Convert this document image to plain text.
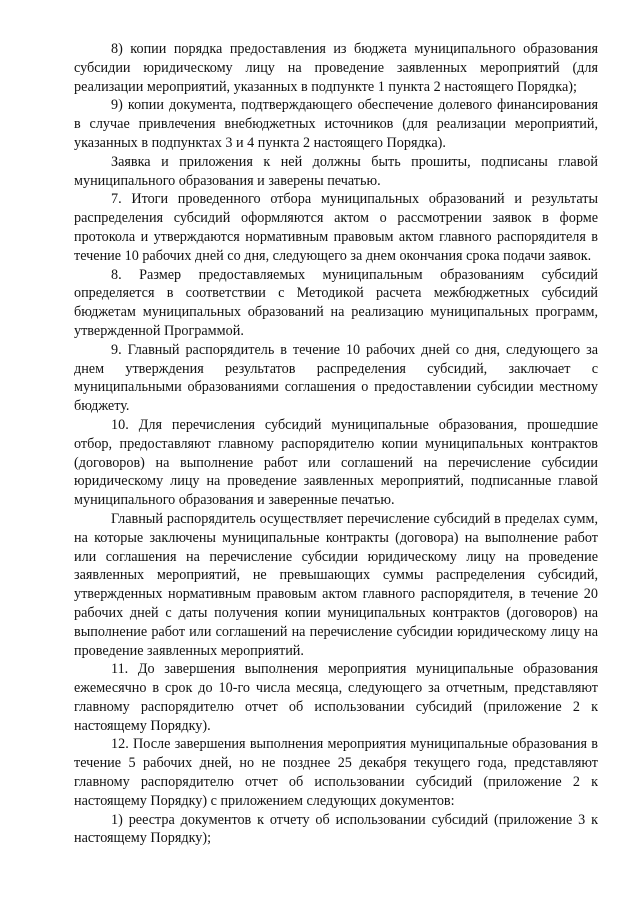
8) копии порядка предоставления из бюджета муниципального образования субсидии юридическому лицу на проведение заявленных мероприятий (для реализации мероприятий, указанных в подпункте 1 пункта 2 настоящего Порядка);

9) копии документа, подтверждающего обеспечение долевого финансирования в случае привлечения внебюджетных источников (для реализации мероприятий, указанных в подпунктах 3 и 4 пункта 2 настоящего Порядка).

Заявка и приложения к ней должны быть прошиты, подписаны главой муниципального образования и заверены печатью.

7. Итоги проведенного отбора муниципальных образований и результаты распределения субсидий оформляются актом о рассмотрении заявок в форме протокола и утверждаются нормативным правовым актом главного распорядителя в течение 10 рабочих дней со дня, следующего за днем окончания срока подачи заявок.

8. Размер предоставляемых муниципальным образованиям субсидий определяется в соответствии с Методикой расчета межбюджетных субсидий бюджетам муниципальных образований на реализацию муниципальных программ, утвержденной Программой.

9. Главный распорядитель в течение 10 рабочих дней со дня, следующего за днем утверждения результатов распределения субсидий, заключает с муниципальными образованиями соглашения о предоставлении субсидии местному бюджету.

10. Для перечисления субсидий муниципальные образования, прошедшие отбор, предоставляют главному распорядителю копии муниципальных контрактов (договоров) на выполнение работ или соглашений на перечисление субсидии юридическому лицу на проведение заявленных мероприятий, подписанные главой муниципального образования и заверенные печатью.

Главный распорядитель осуществляет перечисление субсидий в пределах сумм, на которые заключены муниципальные контракты (договора) на выполнение работ или соглашения на перечисление субсидии юридическому лицу на проведение заявленных мероприятий, не превышающих суммы распределения субсидий, утвержденных нормативным правовым актом главного распорядителя, в течение 20 рабочих дней с даты получения копии муниципальных контрактов (договоров) на выполнение работ или соглашений на перечисление субсидии юридическому лицу на проведение заявленных мероприятий.

11. До завершения выполнения мероприятия муниципальные образования ежемесячно в срок до 10-го числа месяца, следующего за отчетным, представляют главному распорядителю отчет об использовании субсидий (приложение 2 к настоящему Порядку).

12. После завершения выполнения мероприятия муниципальные образования в течение 5 рабочих дней, но не позднее 25 декабря текущего года, представляют главному распорядителю отчет об использовании субсидий (приложение 2 к настоящему Порядку) с приложением следующих документов:

1) реестра документов к отчету об использовании субсидий (приложение 3 к настоящему Порядку);
